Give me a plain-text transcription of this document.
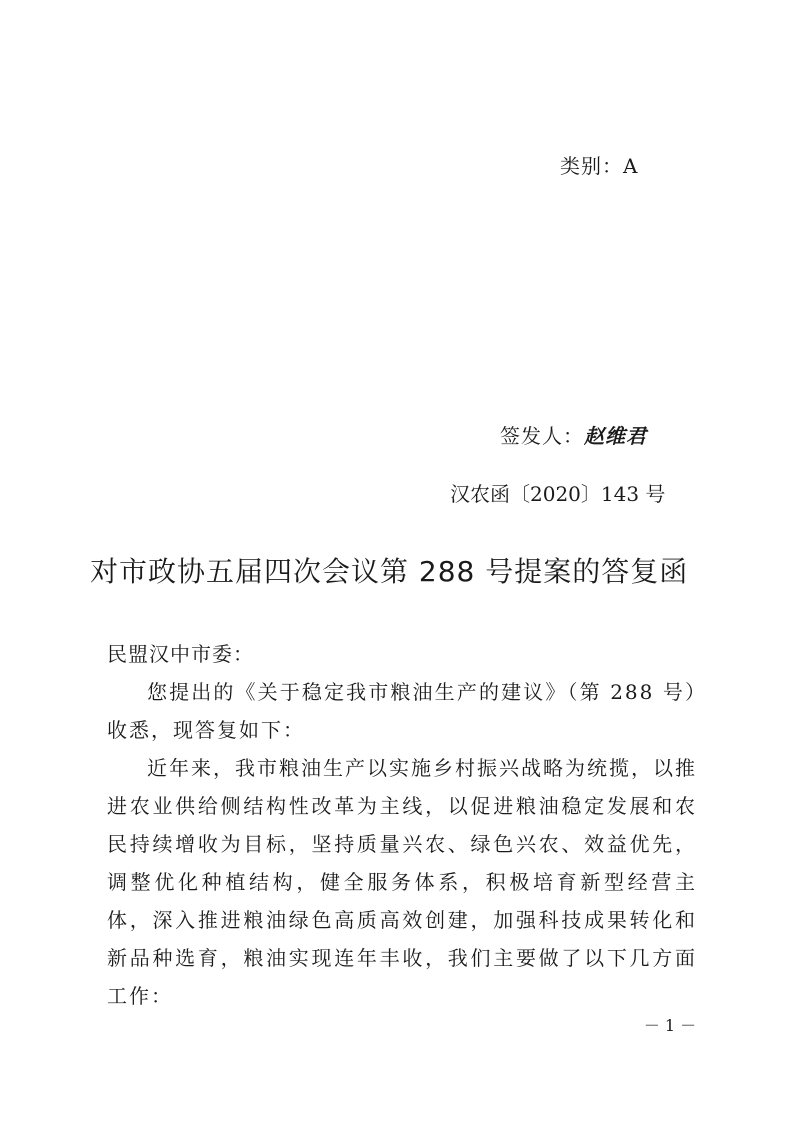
类别：A
签发人：赵维君
汉农函〔2020〕143 号
对市政协五届四次会议第 288 号提案的答复函

民盟汉中市委：

您提出的《关于稳定我市粮油生产的建议》（第 288 号）收悉，现答复如下：

近年来，我市粮油生产以实施乡村振兴战略为统揽，以推进农业供给侧结构性改革为主线，以促进粮油稳定发展和农民持续增收为目标，坚持质量兴农、绿色兴农、效益优先，调整优化种植结构，健全服务体系，积极培育新型经营主体，深入推进粮油绿色高质高效创建，加强科技成果转化和新品种选育，粮油实现连年丰收，我们主要做了以下几方面工作：

－ 1 －
